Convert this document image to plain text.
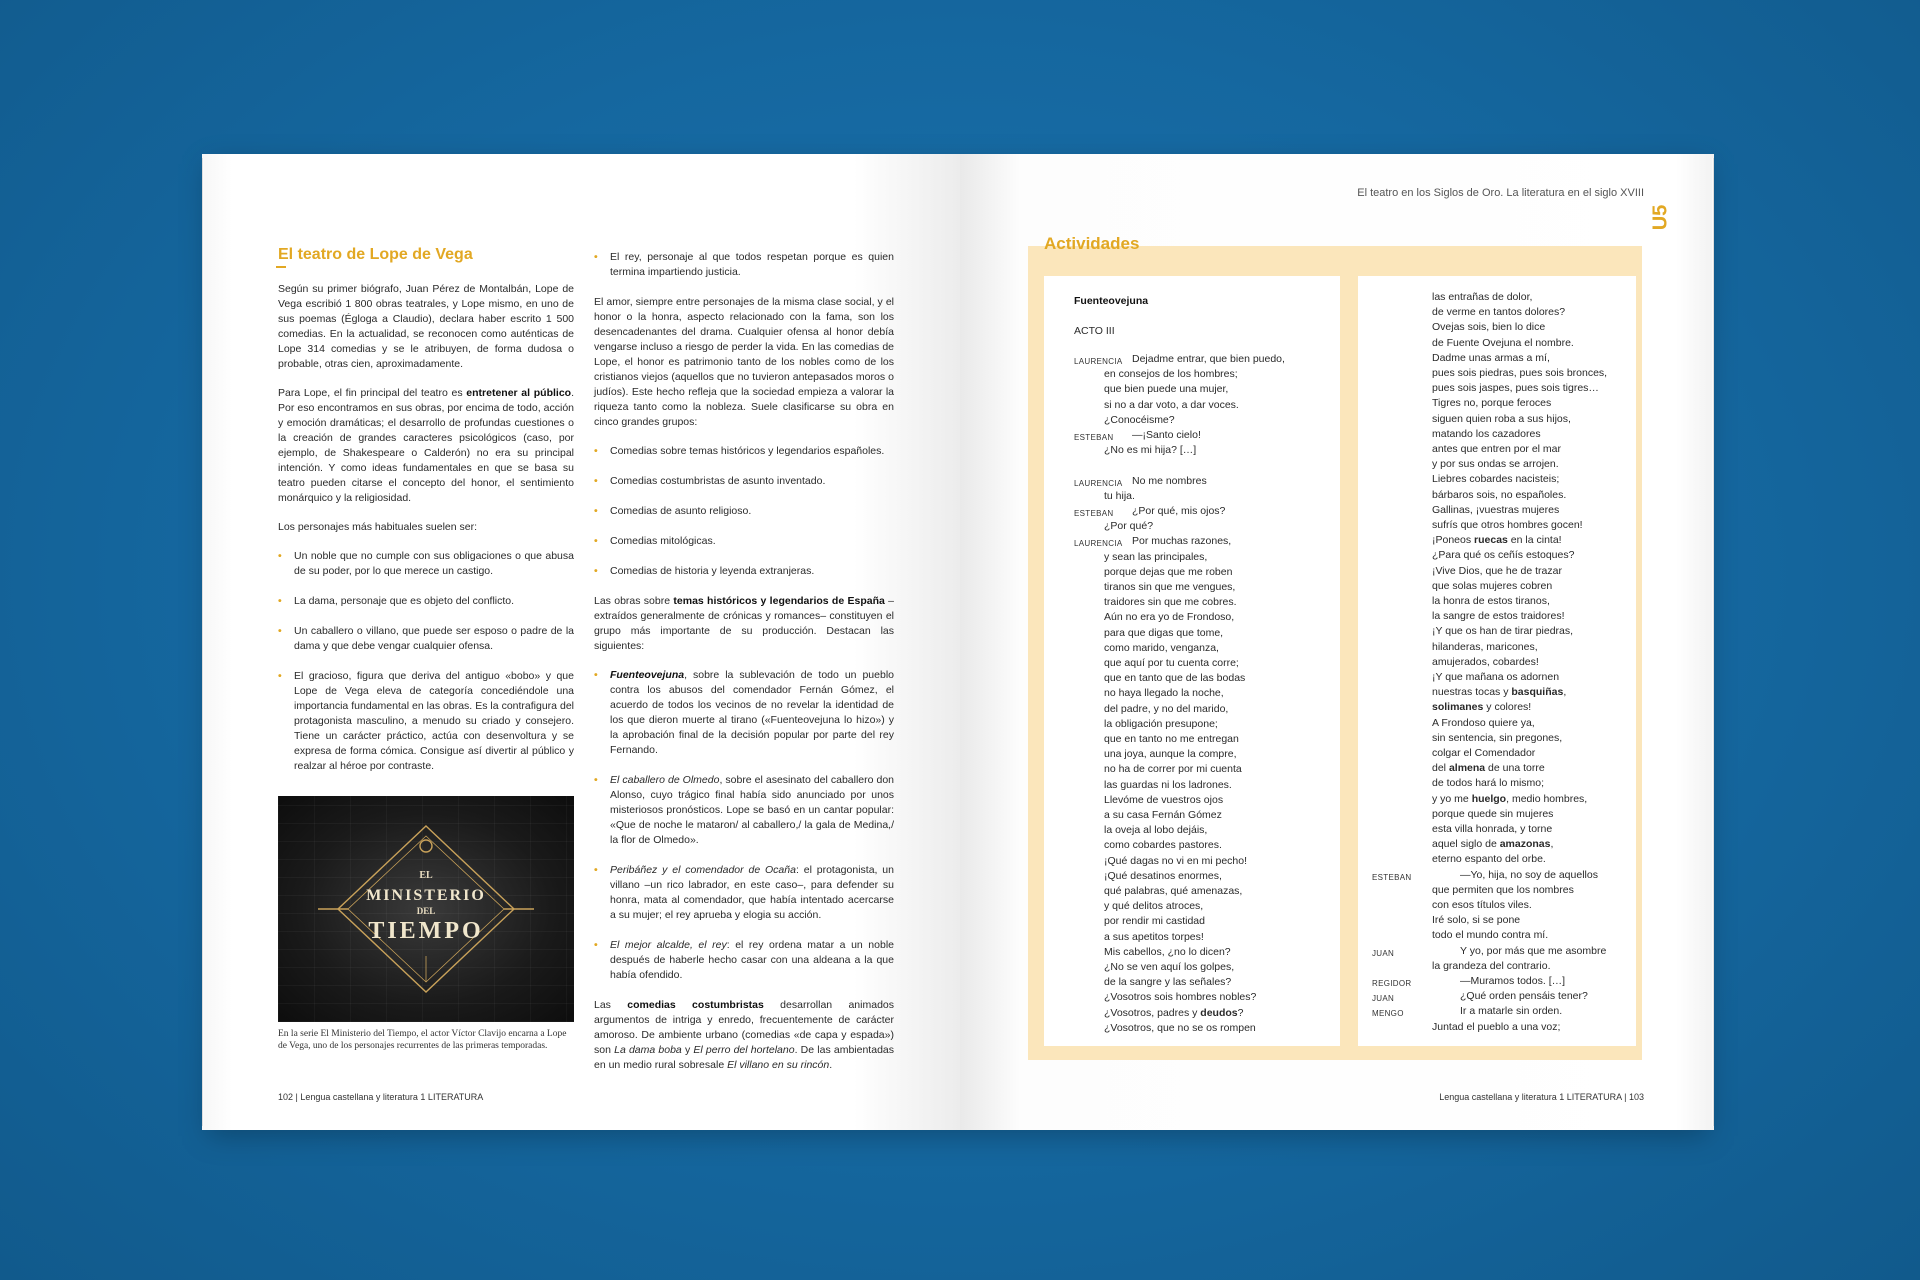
El teatro de Lope de Vega

Según su primer biógrafo, Juan Pérez de Montalbán, Lope de Vega escribió 1 800 obras teatrales, y Lope mismo, en uno de sus poemas (Égloga a Claudio), declara haber escrito 1 500 comedias. En la actualidad, se reconocen como auténticas de Lope 314 comedias y se le atribuyen, de forma dudosa o probable, otras cien, aproximadamente.

Para Lope, el fin principal del teatro es entretener al público. Por eso encontramos en sus obras, por encima de todo, acción y emoción dramáticas; el desarrollo de profundas cuestiones o la creación de grandes caracteres psicológicos (caso, por ejemplo, de Shakespeare o Calderón) no era su principal intención. Y como ideas fundamentales en que se basa su teatro pueden citarse el concepto del honor, el sentimiento monárquico y la religiosidad.

Los personajes más habituales suelen ser:

• Un noble que no cumple con sus obligaciones o que abusa de su poder, por lo que merece un castigo.
• La dama, personaje que es objeto del conflicto.
• Un caballero o villano, que puede ser esposo o padre de la dama y que debe vengar cualquier ofensa.
• El gracioso, figura que deriva del antiguo «bobo» y que Lope de Vega eleva de categoría concediéndole una importancia fundamental en las obras. Es la contrafigura del protagonista masculino, a menudo su criado y consejero. Tiene un carácter práctico, actúa con desenvoltura y se expresa de forma cómica. Consigue así divertir al público y realzar al héroe por contraste.
EL
MINISTERIO
DEL
TIEMPO
En la serie El Ministerio del Tiempo, el actor Víctor Clavijo encarna a Lope de Vega, uno de los personajes recurrentes de las primeras temporadas.
• El rey, personaje al que todos respetan porque es quien termina impartiendo justicia.

El amor, siempre entre personajes de la misma clase social, y el honor o la honra, aspecto relacionado con la fama, son los desencadenantes del drama. Cualquier ofensa al honor debía vengarse incluso a riesgo de perder la vida. En las comedias de Lope, el honor es patrimonio tanto de los nobles como de los cristianos viejos (aquellos que no tuvieron antepasados moros o judíos). Este hecho refleja que la sociedad empieza a valorar la riqueza tanto como la nobleza. Suele clasificarse su obra en cinco grandes grupos:

• Comedias sobre temas históricos y legendarios españoles.
• Comedias costumbristas de asunto inventado.
• Comedias de asunto religioso.
• Comedias mitológicas.
• Comedias de historia y leyenda extranjeras.

Las obras sobre temas históricos y legendarios de España –extraídos generalmente de crónicas y romances– constituyen el grupo más importante de su producción. Destacan las siguientes:

• Fuenteovejuna, sobre la sublevación de todo un pueblo contra los abusos del comendador Fernán Gómez, el acuerdo de todos los vecinos de no revelar la identidad de los que dieron muerte al tirano («Fuenteovejuna lo hizo») y la aprobación final de la decisión popular por parte del rey Fernando.
• El caballero de Olmedo, sobre el asesinato del caballero don Alonso, cuyo trágico final había sido anunciado por unos misteriosos pronósticos. Lope se basó en un cantar popular: «Que de noche le mataron/ al caballero,/ la gala de Medina,/ la flor de Olmedo».
• Peribáñez y el comendador de Ocaña: el protagonista, un villano –un rico labrador, en este caso–, para defender su honra, mata al comendador, que había intentado acercarse a su mujer; el rey aprueba y elogia su acción.
• El mejor alcalde, el rey: el rey ordena matar a un noble después de haberle hecho casar con una aldeana a la que había ofendido.

Las comedias costumbristas desarrollan animados argumentos de intriga y enredo, frecuentemente de carácter amoroso. De ambiente urbano (comedias «de capa y espada») son La dama boba y El perro del hortelano. De las ambientadas en un medio rural sobresale El villano en su rincón.

102 | Lengua castellana y literatura 1 LITERATURA
El teatro en los Siglos de Oro. La literatura en el siglo XVIII
U5
Actividades
Fuenteovejuna
ACTO III
Dejadme entrar, que bien puedo,
en consejos de los hombres;
que bien puede una mujer,
si no a dar voto, a dar voces.
¿Conocéisme?
—¡Santo cielo!
¿No es mi hija? […]
No me nombres
tu hija.
¿Por qué, mis ojos?
¿Por qué?
Por muchas razones,
y sean las principales,
porque dejas que me roben
tiranos sin que me vengues,
traidores sin que me cobres.
Aún no era yo de Frondoso,
para que digas que tome,
como marido, venganza,
que aquí por tu cuenta corre;
que en tanto que de las bodas
no haya llegado la noche,
del padre, y no del marido,
la obligación presupone;
que en tanto no me entregan
una joya, aunque la compre,
no ha de correr por mi cuenta
las guardas ni los ladrones.
Llevóme de vuestros ojos
a su casa Fernán Gómez
la oveja al lobo dejáis,
como cobardes pastores.
¡Qué dagas no vi en mi pecho!
¡Qué desatinos enormes,
qué palabras, qué amenazas,
y qué delitos atroces,
por rendir mi castidad
a sus apetitos torpes!
Mis cabellos, ¿no lo dicen?
¿No se ven aquí los golpes,
de la sangre y las señales?
¿Vosotros sois hombres nobles?
¿Vosotros, padres y deudos?
¿Vosotros, que no se os rompen
LAURENCIA
ESTEBAN
LAURENCIA
ESTEBAN
LAURENCIA
las entrañas de dolor,
de verme en tantos dolores?
Ovejas sois, bien lo dice
de Fuente Ovejuna el nombre.
Dadme unas armas a mí,
pues sois piedras, pues sois bronces,
pues sois jaspes, pues sois tigres…
Tigres no, porque feroces
siguen quien roba a sus hijos,
matando los cazadores
antes que entren por el mar
y por sus ondas se arrojen.
Liebres cobardes nacisteis;
bárbaros sois, no españoles.
Gallinas, ¡vuestras mujeres
sufrís que otros hombres gocen!
¡Poneos ruecas en la cinta!
¿Para qué os ceñís estoques?
¡Vive Dios, que he de trazar
que solas mujeres cobren
la honra de estos tiranos,
la sangre de estos traidores!
¡Y que os han de tirar piedras,
hilanderas, maricones,
amujerados, cobardes!
¡Y que mañana os adornen
nuestras tocas y basquiñas,
solimanes y colores!
A Frondoso quiere ya,
sin sentencia, sin pregones,
colgar el Comendador
del almena de una torre
de todos hará lo mismo;
y yo me huelgo, medio hombres,
porque quede sin mujeres
esta villa honrada, y torne
aquel siglo de amazonas,
eterno espanto del orbe.
—Yo, hija, no soy de aquellos
que permiten que los nombres
con esos títulos viles.
Iré solo, si se pone
todo el mundo contra mí.
Y yo, por más que me asombre
la grandeza del contrario.
—Muramos todos. […]
¿Qué orden pensáis tener?
Ir a matarle sin orden.
Juntad el pueblo a una voz;
ESTEBAN
JUAN
REGIDOR
JUAN
MENGO
Lengua castellana y literatura 1 LITERATURA | 103
